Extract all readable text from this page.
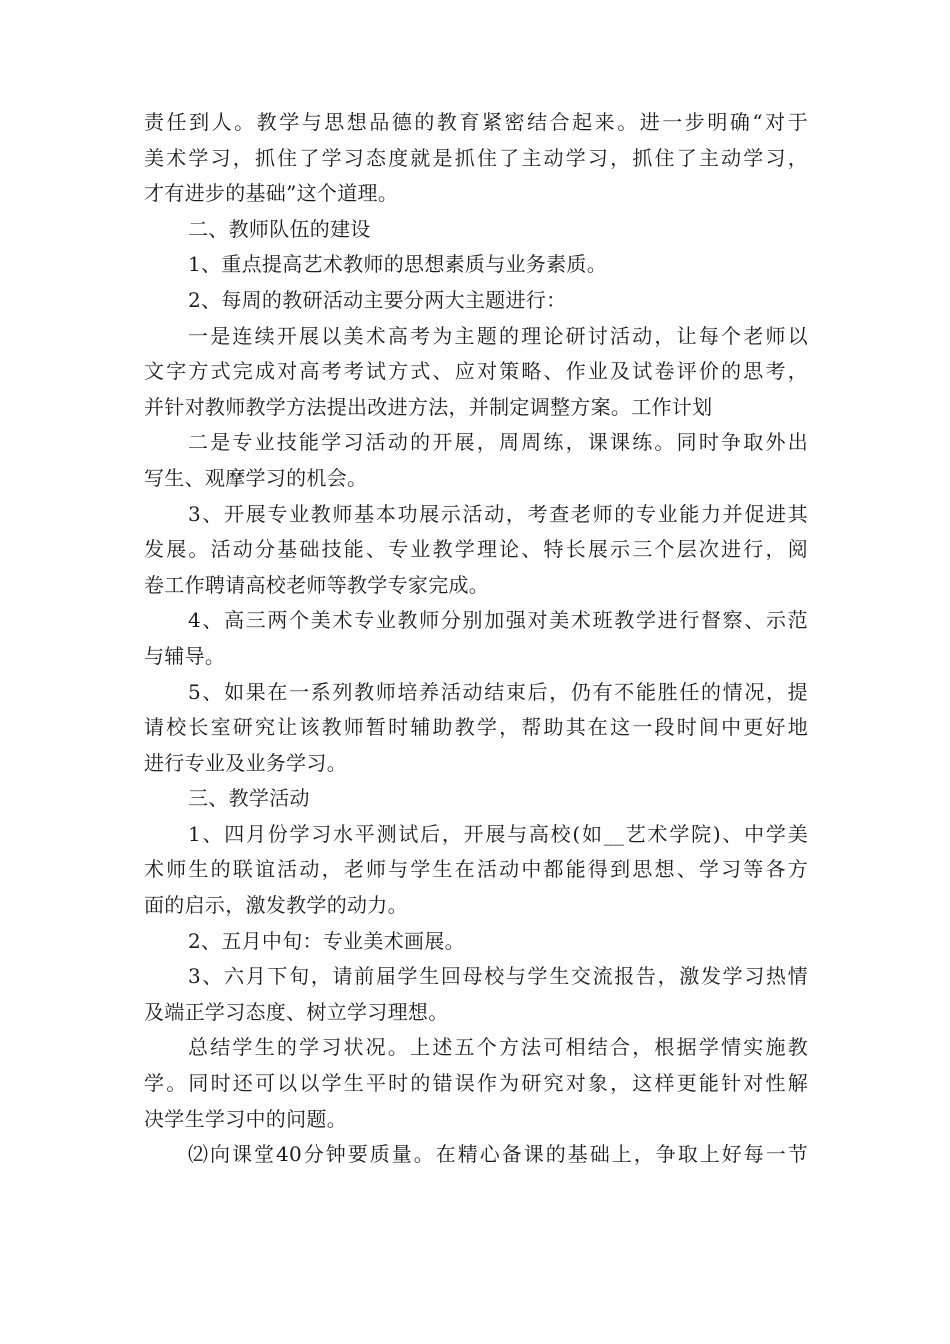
责任到人。教学与思想品德的教育紧密结合起来。进一步明确“对于
美术学习，抓住了学习态度就是抓住了主动学习，抓住了主动学习，
才有进步的基础”这个道理。
二、教师队伍的建设
1、重点提高艺术教师的思想素质与业务素质。
2、每周的教研活动主要分两大主题进行：
一是连续开展以美术高考为主题的理论研讨活动，让每个老师以
文字方式完成对高考考试方式、应对策略、作业及试卷评价的思考，
并针对教师教学方法提出改进方法，并制定调整方案。工作计划
二是专业技能学习活动的开展，周周练，课课练。同时争取外出
写生、观摩学习的机会。
3、开展专业教师基本功展示活动，考查老师的专业能力并促进其
发展。活动分基础技能、专业教学理论、特长展示三个层次进行，阅
卷工作聘请高校老师等教学专家完成。
4、高三两个美术专业教师分别加强对美术班教学进行督察、示范
与辅导。
5、如果在一系列教师培养活动结束后，仍有不能胜任的情况，提
请校长室研究让该教师暂时辅助教学，帮助其在这一段时间中更好地
进行专业及业务学习。
三、教学活动
1、四月份学习水平测试后，开展与高校(如__艺术学院)、中学美
术师生的联谊活动，老师与学生在活动中都能得到思想、学习等各方
面的启示，激发教学的动力。
2、五月中旬：专业美术画展。
3、六月下旬，请前届学生回母校与学生交流报告，激发学习热情
及端正学习态度、树立学习理想。
总结学生的学习状况。上述五个方法可相结合，根据学情实施教
学。同时还可以以学生平时的错误作为研究对象，这样更能针对性解
决学生学习中的问题。
⑵向课堂40分钟要质量。在精心备课的基础上，争取上好每一节
